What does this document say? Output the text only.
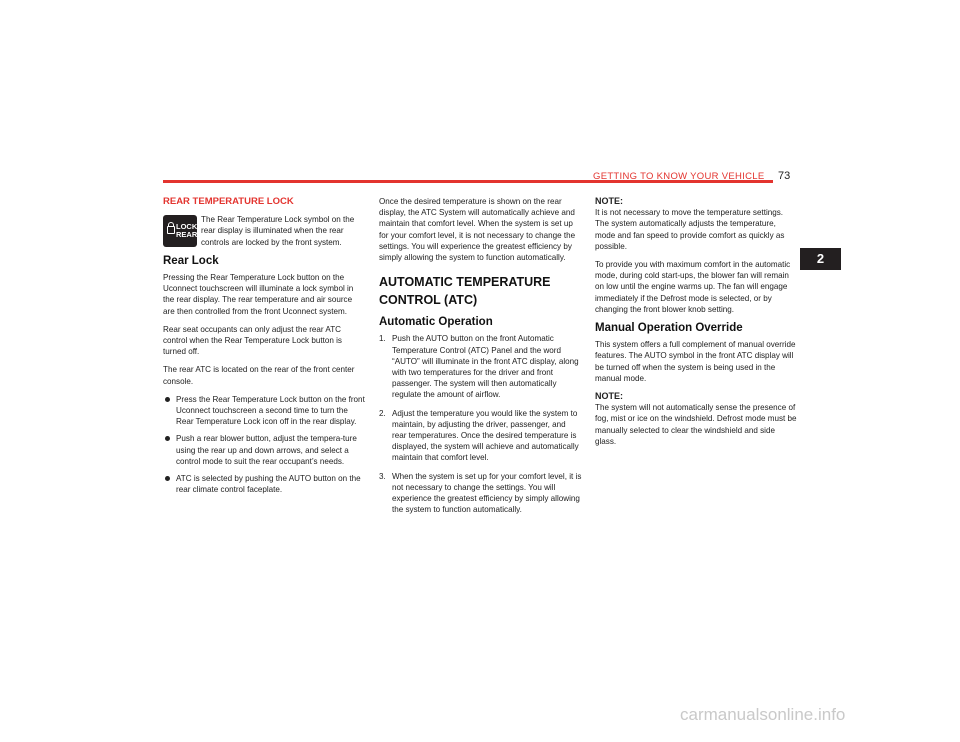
GETTING TO KNOW YOUR VEHICLE 73
2
REAR TEMPERATURE LOCK
The Rear Temperature Lock symbol on the rear display is illuminated when the rear controls are locked by the front system.
Rear Lock

Pressing the Rear Temperature Lock button on the Uconnect touchscreen will illuminate a lock symbol in the rear display. The rear temperature and air source are then controlled from the front Uconnect system.

Rear seat occupants can only adjust the rear ATC control when the Rear Temperature Lock button is turned off.

The rear ATC is located on the rear of the front center console.

Press the Rear Temperature Lock button on the front Uconnect touchscreen a second time to turn the Rear Temperature Lock icon off in the rear display.
Push a rear blower button, adjust the tempera-ture using the rear up and down arrows, and select a control mode to suit the rear occupant’s needs.
ATC is selected by pushing the AUTO button on the rear climate control faceplate.
LOCK
REAR

Once the desired temperature is shown on the rear display, the ATC System will automatically achieve and maintain that comfort level. When the system is set up for your comfort level, it is not necessary to change the settings. You will experience the greatest efficiency by simply allowing the system to function automatically.

AUTOMATIC TEMPERATURE CONTROL (ATC)
Automatic Operation
1. Push the AUTO button on the front Automatic Temperature Control (ATC) Panel and the word “AUTO” will illuminate in the front ATC display, along with two temperatures for the driver and front passenger. The system will then automatically regulate the amount of airflow.
2. Adjust the temperature you would like the system to maintain, by adjusting the driver, passenger, and rear temperatures. Once the desired temperature is displayed, the system will achieve and automatically maintain that comfort level.
3. When the system is set up for your comfort level, it is not necessary to change the settings. You will experience the greatest efficiency by simply allowing the system to function automatically.
NOTE:

It is not necessary to move the temperature settings. The system automatically adjusts the temperature, mode and fan speed to provide comfort as quickly as possible.

To provide you with maximum comfort in the automatic mode, during cold start-ups, the blower fan will remain on low until the engine warms up. The fan will engage immediately if the Defrost mode is selected, or by changing the front blower knob setting.

Manual Operation Override

This system offers a full complement of manual override features. The AUTO symbol in the front ATC display will be turned off when the system is being used in the manual mode.

NOTE:

The system will not automatically sense the presence of fog, mist or ice on the windshield. Defrost mode must be manually selected to clear the windshield and side glass.

carmanualsonline.info
